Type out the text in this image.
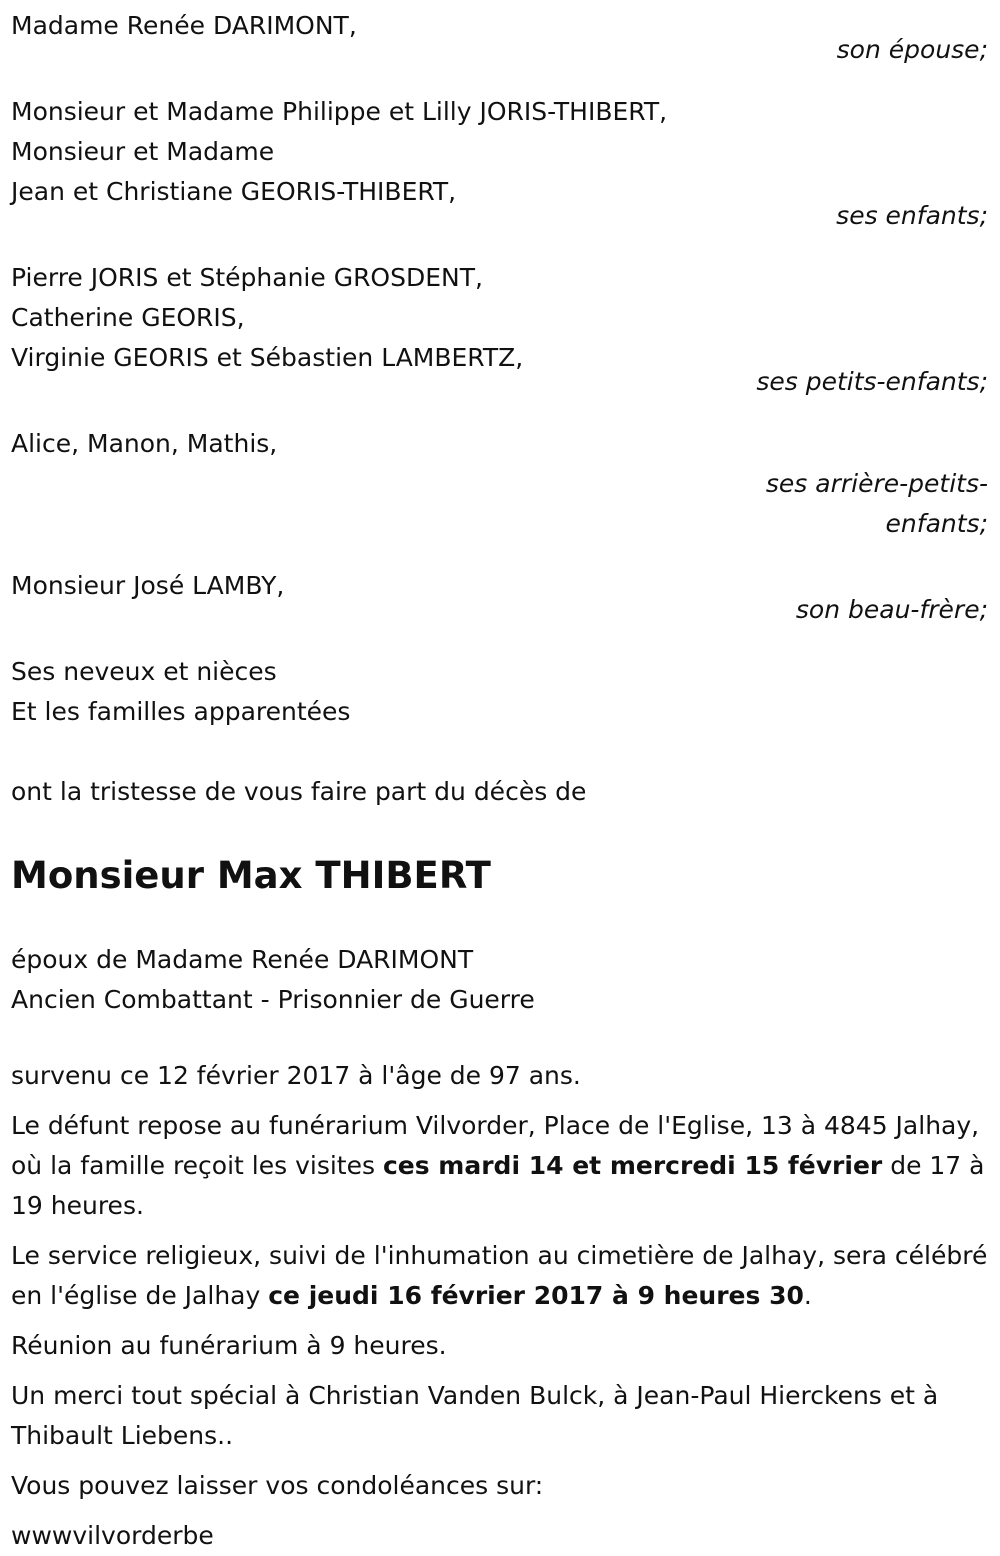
Madame Renée DARIMONT,
son épouse;
Monsieur et Madame Philippe et Lilly JORIS-THIBERT,
Monsieur et Madame
Jean et Christiane GEORIS-THIBERT,
ses enfants;
Pierre JORIS et Stéphanie GROSDENT,
Catherine GEORIS,
Virginie GEORIS et Sébastien LAMBERTZ,
ses petits-enfants;
Alice, Manon, Mathis,
ses arrière-petits-
enfants;
Monsieur José LAMBY,
son beau-frère;
Ses neveux et nièces
Et les familles apparentées
ont la tristesse de vous faire part du décès de
Monsieur Max THIBERT
époux de Madame Renée DARIMONT
Ancien Combattant - Prisonnier de Guerre

survenu ce 12 février 2017 à l'âge de 97 ans.

Le défunt repose au funérarium Vilvorder, Place de l'Eglise, 13 à 4845 Jalhay, où la famille reçoit les visites ces mardi 14 et mercredi 15 février de 17 à 19 heures.

Le service religieux, suivi de l'inhumation au cimetière de Jalhay, sera célébré en l'église de Jalhay ce jeudi 16 février 2017 à 9 heures 30.

Réunion au funérarium à 9 heures.

Un merci tout spécial à Christian Vanden Bulck, à Jean-Paul Hierckens et à Thibault Liebens..

Vous pouvez laisser vos condoléances sur:

wwwvilvorderbe
